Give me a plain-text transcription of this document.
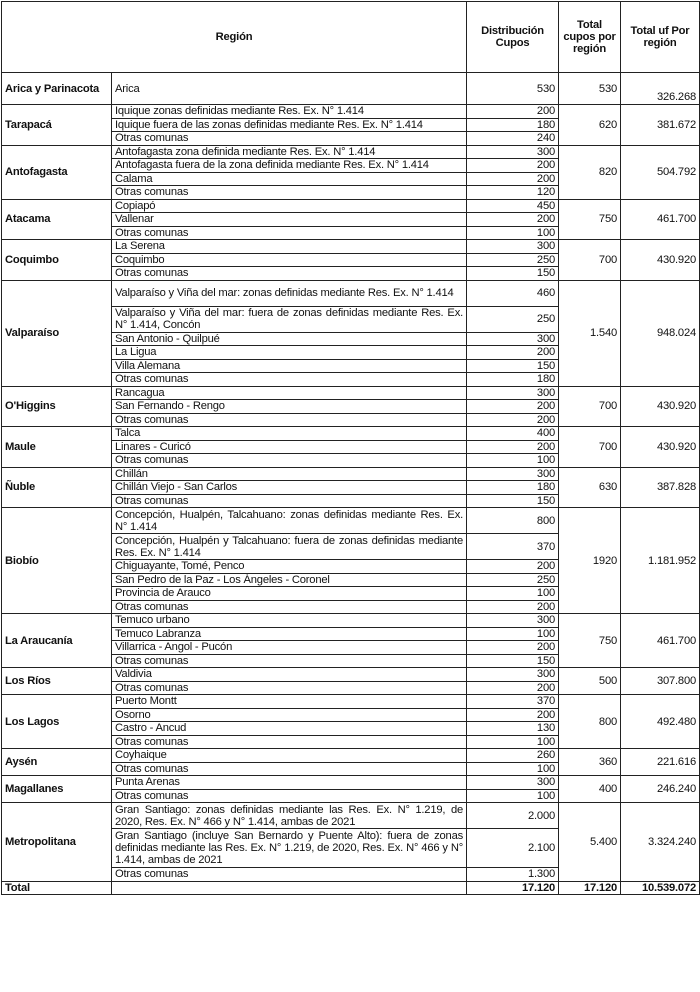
Región		Distribución Cupos	Total cupos por región	Total uf Por región
Arica y Parinacota	Arica	530	530	326.268
Tarapacá	Iquique zonas definidas mediante Res. Ex. N° 1.414	200	620	381.672
	Iquique fuera de las zonas definidas mediante Res. Ex. N° 1.414	180		
	Otras comunas	240		
Antofagasta	Antofagasta zona definida mediante Res. Ex. N° 1.414	300	820	504.792
	Antofagasta fuera de la zona definida mediante Res. Ex. N° 1.414	200		
	Calama	200		
	Otras comunas	120		
Atacama	Copiapó	450	750	461.700
	Vallenar	200		
	Otras comunas	100		
Coquimbo	La Serena	300	700	430.920
	Coquimbo	250		
	Otras comunas	150		
Valparaíso	Valparaíso y Viña del mar: zonas definidas mediante Res. Ex. N° 1.414	460	1.540	948.024
	Valparaíso y Viña del mar: fuera de zonas definidas mediante Res. Ex. N° 1.414, Concón	250		
	San Antonio - Quilpué	300		
	La Ligua	200		
	Villa Alemana	150		
	Otras comunas	180		
O'Higgins	Rancagua	300	700	430.920
	San Fernando - Rengo	200		
	Otras comunas	200		
Maule	Talca	400	700	430.920
	Linares - Curicó	200		
	Otras comunas	100		
Ñuble	Chillán	300	630	387.828
	Chillán Viejo - San Carlos	180		
	Otras comunas	150		
Biobío	Concepción, Hualpén, Talcahuano: zonas definidas mediante Res. Ex. N° 1.414	800	1920	1.181.952
	Concepción, Hualpén y Talcahuano: fuera de zonas definidas mediante Res. Ex. N° 1.414	370		
	Chiguayante, Tomé, Penco	200		
	San Pedro de la Paz - Los Ángeles - Coronel	250		
	Provincia de Arauco	100		
	Otras comunas	200		
La Araucanía	Temuco urbano	300	750	461.700
	Temuco Labranza	100		
	Villarrica - Angol - Pucón	200		
	Otras comunas	150		
Los Ríos	Valdivia	300	500	307.800
	Otras comunas	200		
Los Lagos	Puerto Montt	370	800	492.480
	Osorno	200		
	Castro - Ancud	130		
	Otras comunas	100		
Aysén	Coyhaique	260	360	221.616
	Otras comunas	100		
Magallanes	Punta Arenas	300	400	246.240
	Otras comunas	100		
Metropolitana	Gran Santiago: zonas definidas mediante las Res. Ex. N° 1.219, de 2020, Res. Ex. N° 466 y N° 1.414, ambas de 2021	2.000	5.400	3.324.240
	Gran Santiago (incluye San Bernardo y Puente Alto): fuera de zonas definidas mediante las Res. Ex. N° 1.219, de 2020, Res. Ex. N° 466 y N° 1.414, ambas de 2021	2.100		
	Otras comunas	1.300		
Total		17.120	17.120	10.539.072
